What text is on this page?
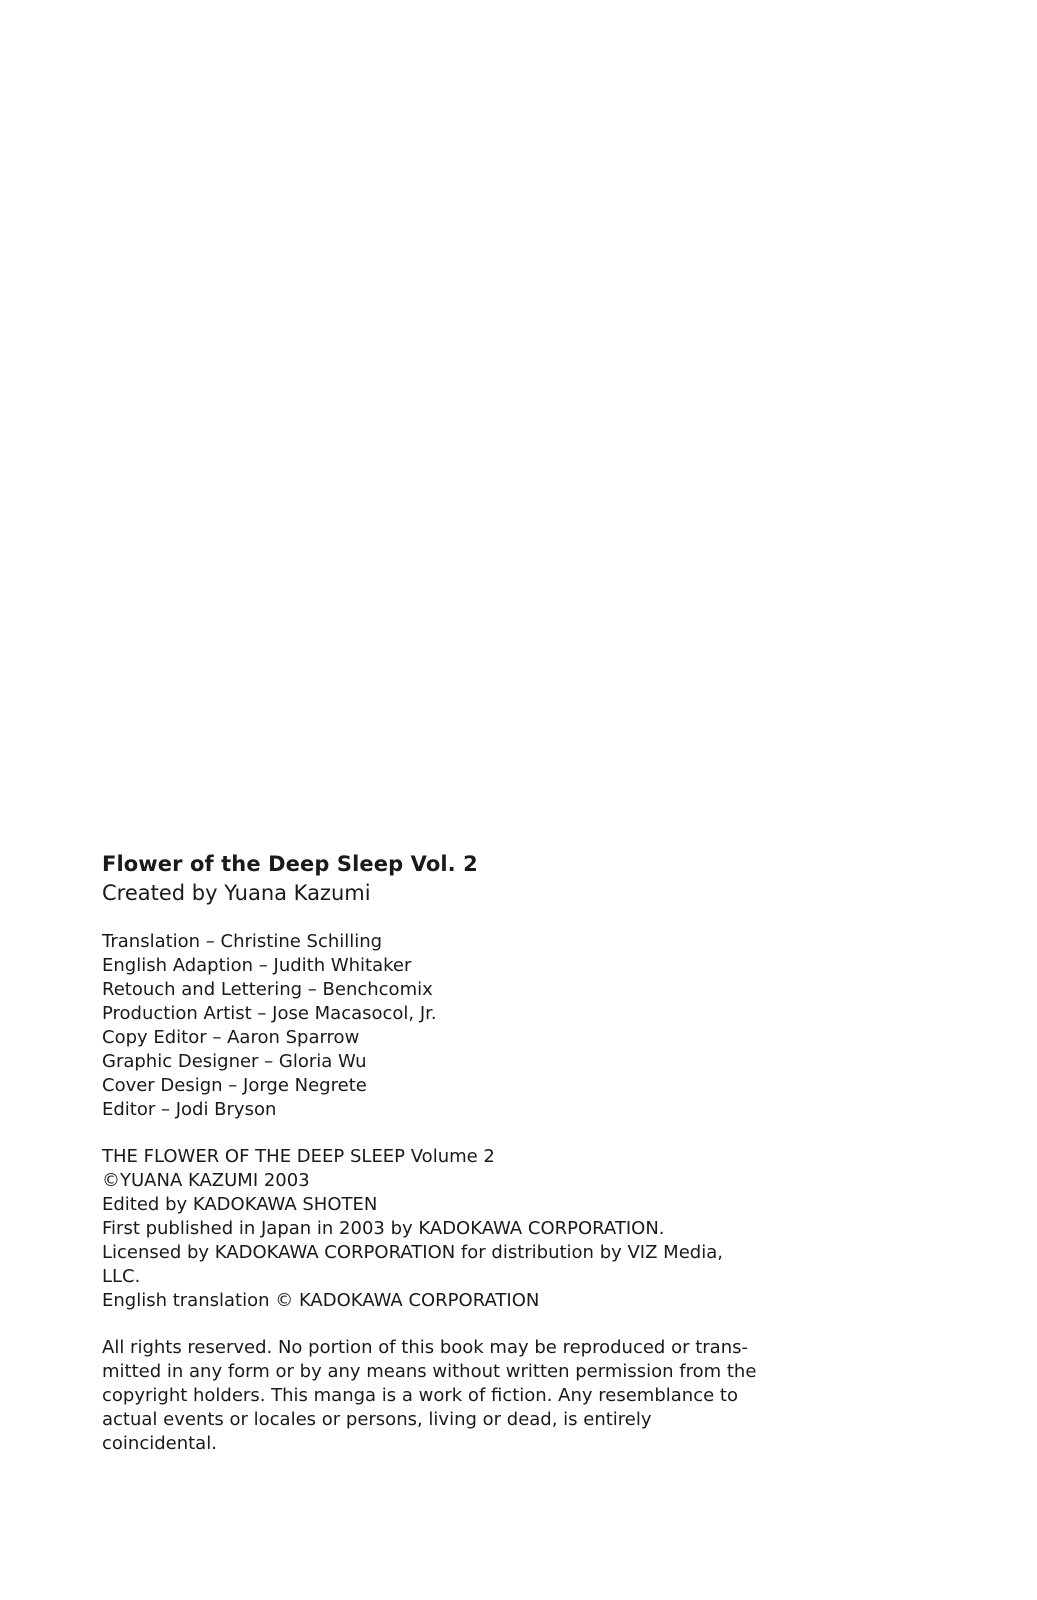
Flower of the Deep Sleep Vol. 2

Created by Yuana Kazumi

Translation – Christine Schilling
English Adaption – Judith Whitaker
Retouch and Lettering – Benchcomix
Production Artist – Jose Macasocol, Jr.
Copy Editor – Aaron Sparrow
Graphic Designer – Gloria Wu
Cover Design – Jorge Negrete
Editor – Jodi Bryson
THE FLOWER OF THE DEEP SLEEP Volume 2
©YUANA KAZUMI 2003
Edited by KADOKAWA SHOTEN
First published in Japan in 2003 by KADOKAWA CORPORATION.
Licensed by KADOKAWA CORPORATION for distribution by VIZ Media, LLC.
English translation © KADOKAWA CORPORATION
All rights reserved. No portion of this book may be reproduced or trans-
mitted in any form or by any means without written permission from the
copyright holders. This manga is a work of fiction. Any resemblance to
actual events or locales or persons, living or dead, is entirely coincidental.
